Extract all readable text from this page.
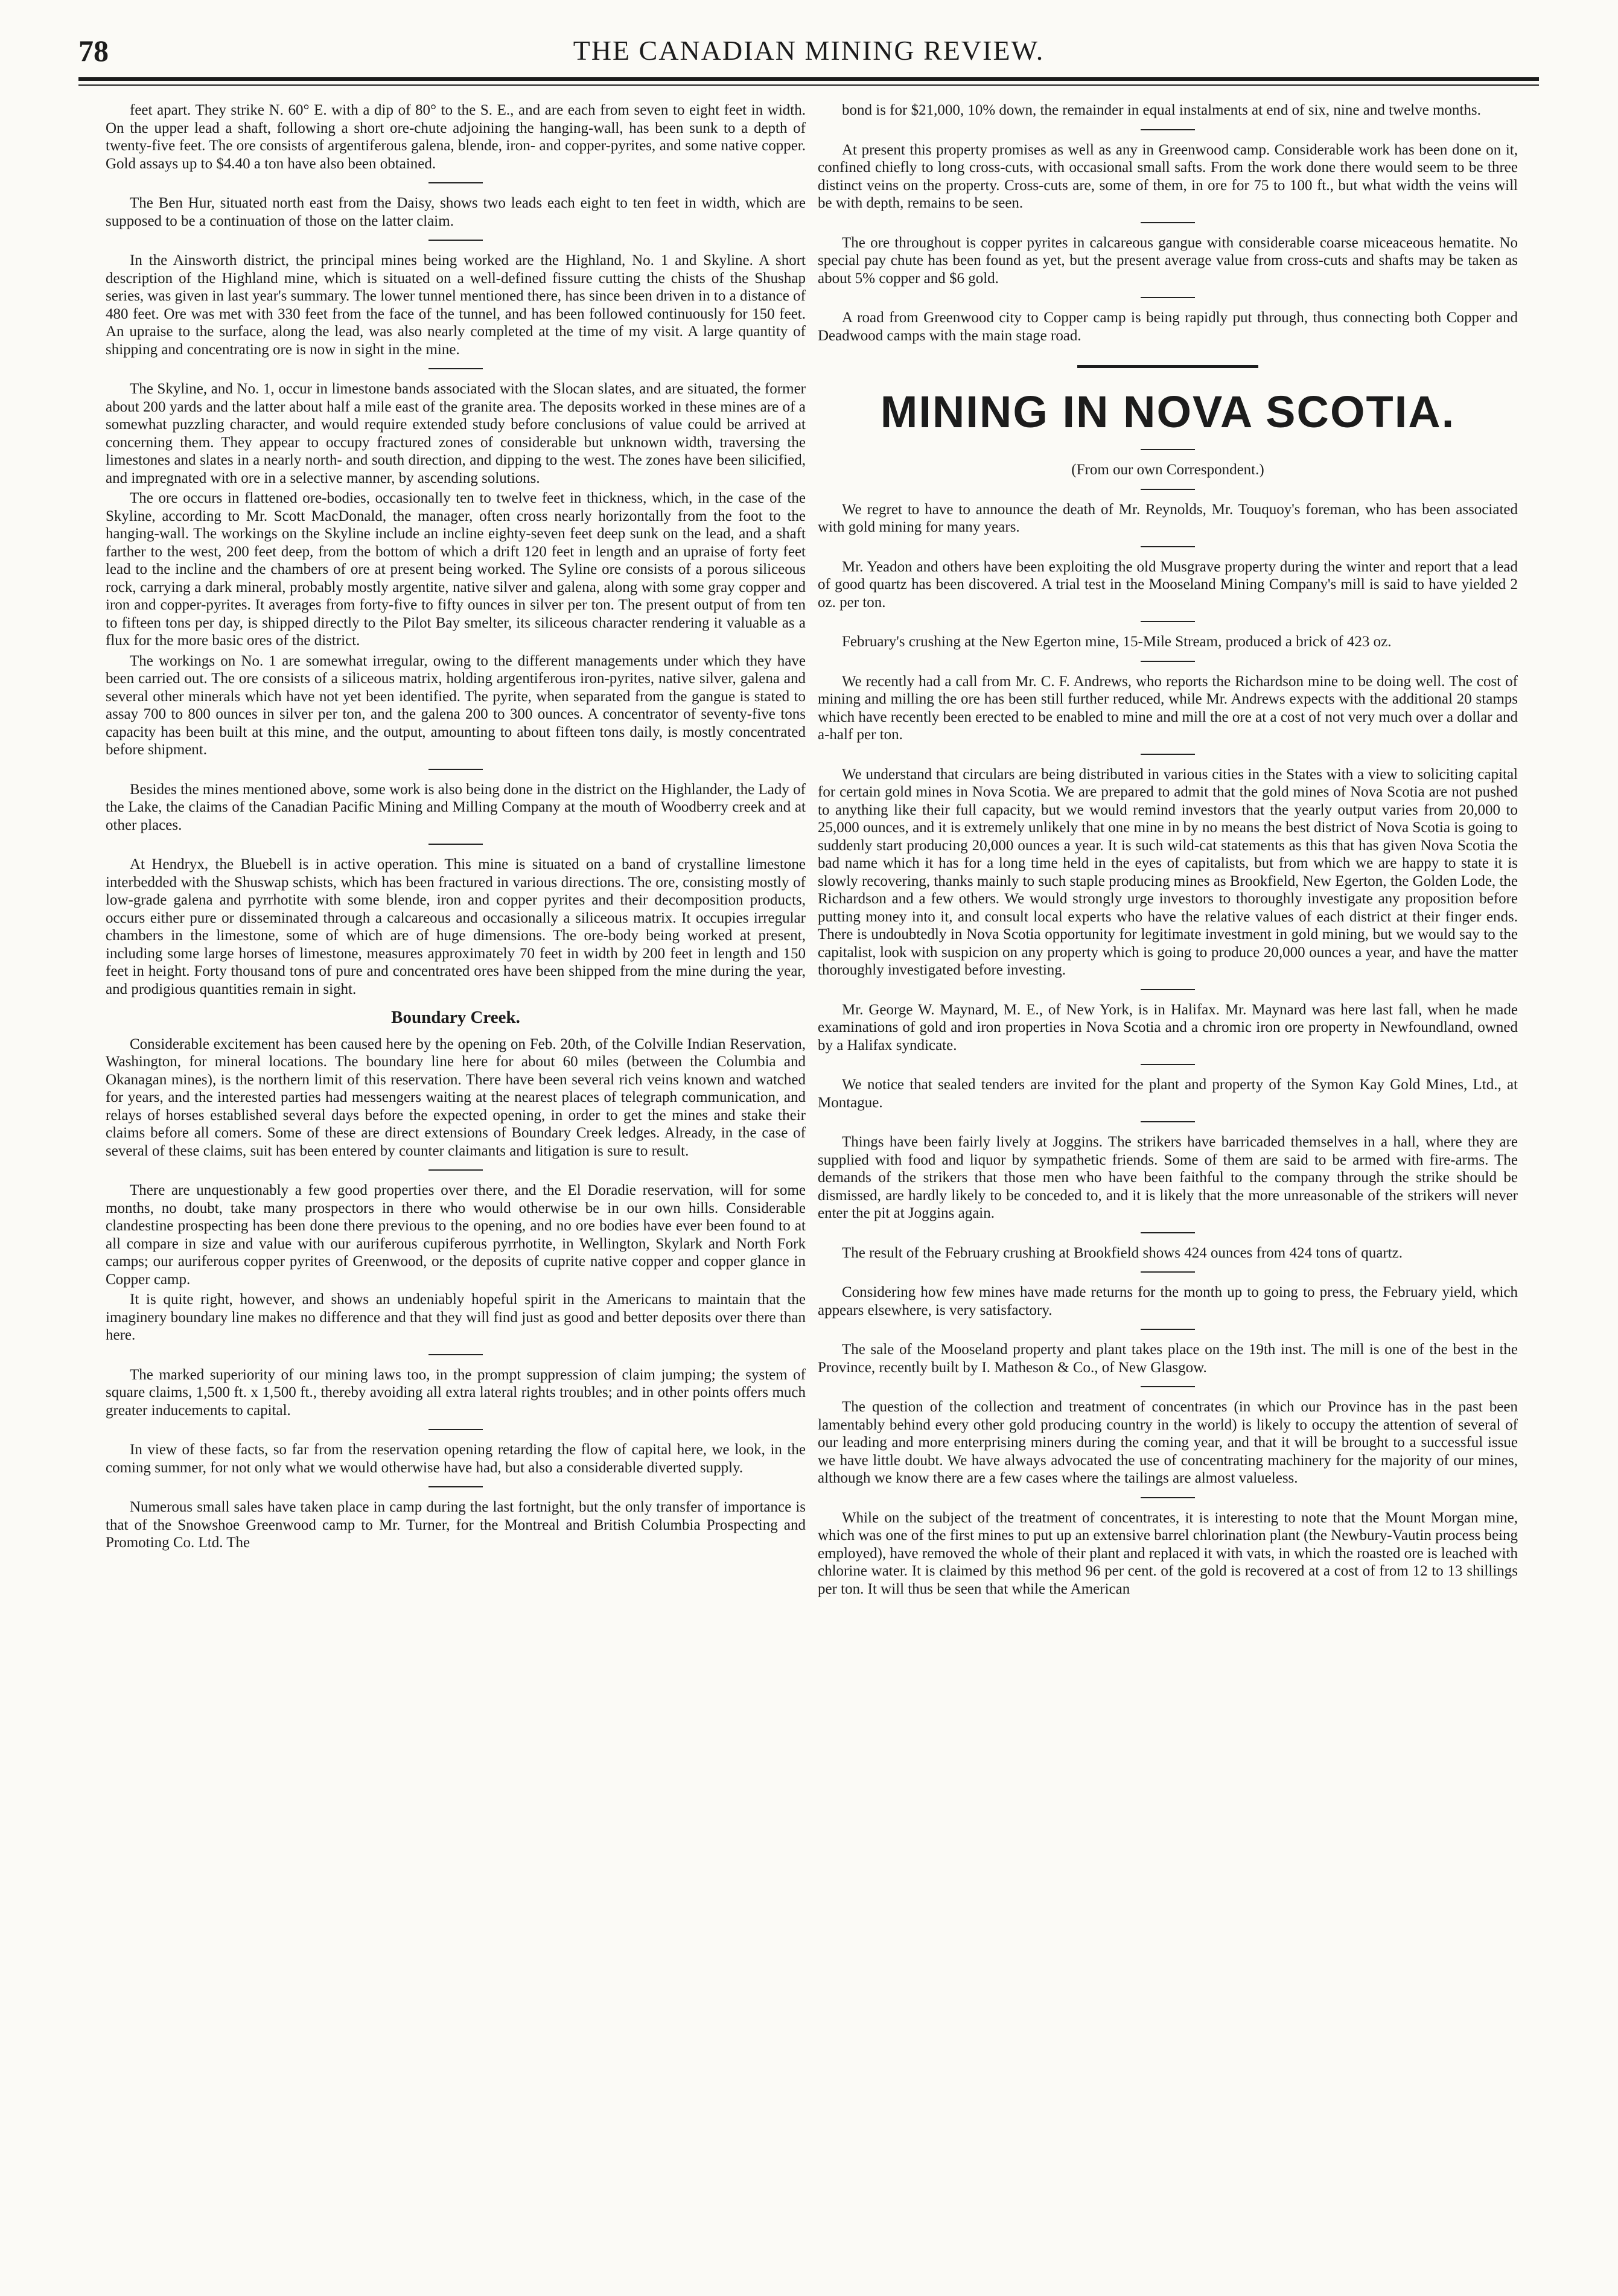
78	THE CANADIAN MINING REVIEW.

feet apart. They strike N. 60° E. with a dip of 80° to the S. E., and are each from seven to eight feet in width. On the upper lead a shaft, following a short ore-chute adjoining the hanging-wall, has been sunk to a depth of twenty-five feet. The ore consists of argentiferous galena, blende, iron- and copper-pyrites, and some native copper. Gold assays up to $4.40 a ton have also been obtained.

The Ben Hur, situated north east from the Daisy, shows two leads each eight to ten feet in width, which are supposed to be a continuation of those on the latter claim.

In the Ainsworth district, the principal mines being worked are the Highland, No. 1 and Skyline. A short description of the Highland mine, which is situated on a well-defined fissure cutting the chists of the Shushap series, was given in last year's summary. The lower tunnel mentioned there, has since been driven in to a distance of 480 feet. Ore was met with 330 feet from the face of the tunnel, and has been followed continuously for 150 feet. An upraise to the surface, along the lead, was also nearly completed at the time of my visit. A large quantity of shipping and concentrating ore is now in sight in the mine.

The Skyline, and No. 1, occur in limestone bands associated with the Slocan slates, and are situated, the former about 200 yards and the latter about half a mile east of the granite area. The deposits worked in these mines are of a somewhat puzzling character, and would require extended study before conclusions of value could be arrived at concerning them. They appear to occupy fractured zones of considerable but unknown width, traversing the limestones and slates in a nearly north- and south direction, and dipping to the west. The zones have been silicified, and impregnated with ore in a selective manner, by ascending solutions.

The ore occurs in flattened ore-bodies, occasionally ten to twelve feet in thickness, which, in the case of the Skyline, according to Mr. Scott MacDonald, the manager, often cross nearly horizontally from the foot to the hanging-wall. The workings on the Skyline include an incline eighty-seven feet deep sunk on the lead, and a shaft farther to the west, 200 feet deep, from the bottom of which a drift 120 feet in length and an upraise of forty feet lead to the incline and the chambers of ore at present being worked. The Syline ore consists of a porous siliceous rock, carrying a dark mineral, probably mostly argentite, native silver and galena, along with some gray copper and iron and copper-pyrites. It averages from forty-five to fifty ounces in silver per ton. The present output of from ten to fifteen tons per day, is shipped directly to the Pilot Bay smelter, its siliceous character rendering it valuable as a flux for the more basic ores of the district.

The workings on No. 1 are somewhat irregular, owing to the different managements under which they have been carried out. The ore consists of a siliceous matrix, holding argentiferous iron-pyrites, native silver, galena and several other minerals which have not yet been identified. The pyrite, when separated from the gangue is stated to assay 700 to 800 ounces in silver per ton, and the galena 200 to 300 ounces. A concentrator of seventy-five tons capacity has been built at this mine, and the output, amounting to about fifteen tons daily, is mostly concentrated before shipment.

Besides the mines mentioned above, some work is also being done in the district on the Highlander, the Lady of the Lake, the claims of the Canadian Pacific Mining and Milling Company at the mouth of Woodberry creek and at other places.

At Hendryx, the Bluebell is in active operation. This mine is situated on a band of crystalline limestone interbedded with the Shuswap schists, which has been fractured in various directions. The ore, consisting mostly of low-grade galena and pyrrhotite with some blende, iron and copper pyrites and their decomposition products, occurs either pure or disseminated through a calcareous and occasionally a siliceous matrix. It occupies irregular chambers in the limestone, some of which are of huge dimensions. The ore-body being worked at present, including some large horses of limestone, measures approximately 70 feet in width by 200 feet in length and 150 feet in height. Forty thousand tons of pure and concentrated ores have been shipped from the mine during the year, and prodigious quantities remain in sight.

Boundary Creek.

Considerable excitement has been caused here by the opening on Feb. 20th, of the Colville Indian Reservation, Washington, for mineral locations. The boundary line here for about 60 miles (between the Columbia and Okanagan mines), is the northern limit of this reservation. There have been several rich veins known and watched for years, and the interested parties had messengers waiting at the nearest places of telegraph communication, and relays of horses established several days before the expected opening, in order to get the mines and stake their claims before all comers. Some of these are direct extensions of Boundary Creek ledges. Already, in the case of several of these claims, suit has been entered by counter claimants and litigation is sure to result.

There are unquestionably a few good properties over there, and the El Doradie reservation, will for some months, no doubt, take many prospectors in there who would otherwise be in our own hills. Considerable clandestine prospecting has been done there previous to the opening, and no ore bodies have ever been found to at all compare in size and value with our auriferous cupiferous pyrrhotite, in Wellington, Skylark and North Fork camps; our auriferous copper pyrites of Greenwood, or the deposits of cuprite native copper and copper glance in Copper camp.

It is quite right, however, and shows an undeniably hopeful spirit in the Americans to maintain that the imaginery boundary line makes no difference and that they will find just as good and better deposits over there than here.

The marked superiority of our mining laws too, in the prompt suppression of claim jumping; the system of square claims, 1,500 ft. x 1,500 ft., thereby avoiding all extra lateral rights troubles; and in other points offers much greater inducements to capital.

In view of these facts, so far from the reservation opening retarding the flow of capital here, we look, in the coming summer, for not only what we would otherwise have had, but also a considerable diverted supply.

Numerous small sales have taken place in camp during the last fortnight, but the only transfer of importance is that of the Snowshoe Greenwood camp to Mr. Turner, for the Montreal and British Columbia Prospecting and Promoting Co. Ltd. The

bond is for $21,000, 10% down, the remainder in equal instalments at end of six, nine and twelve months.

At present this property promises as well as any in Greenwood camp. Considerable work has been done on it, confined chiefly to long cross-cuts, with occasional small safts. From the work done there would seem to be three distinct veins on the property. Cross-cuts are, some of them, in ore for 75 to 100 ft., but what width the veins will be with depth, remains to be seen.

The ore throughout is copper pyrites in calcareous gangue with considerable coarse miceaceous hematite. No special pay chute has been found as yet, but the present average value from cross-cuts and shafts may be taken as about 5% copper and $6 gold.

A road from Greenwood city to Copper camp is being rapidly put through, thus connecting both Copper and Deadwood camps with the main stage road.

MINING IN NOVA SCOTIA.
(From our own Correspondent.)

We regret to have to announce the death of Mr. Reynolds, Mr. Touquoy's foreman, who has been associated with gold mining for many years.

Mr. Yeadon and others have been exploiting the old Musgrave property during the winter and report that a lead of good quartz has been discovered. A trial test in the Mooseland Mining Company's mill is said to have yielded 2 oz. per ton.

February's crushing at the New Egerton mine, 15-Mile Stream, produced a brick of 423 oz.

We recently had a call from Mr. C. F. Andrews, who reports the Richardson mine to be doing well. The cost of mining and milling the ore has been still further reduced, while Mr. Andrews expects with the additional 20 stamps which have recently been erected to be enabled to mine and mill the ore at a cost of not very much over a dollar and a-half per ton.

We understand that circulars are being distributed in various cities in the States with a view to soliciting capital for certain gold mines in Nova Scotia. We are prepared to admit that the gold mines of Nova Scotia are not pushed to anything like their full capacity, but we would remind investors that the yearly output varies from 20,000 to 25,000 ounces, and it is extremely unlikely that one mine in by no means the best district of Nova Scotia is going to suddenly start producing 20,000 ounces a year. It is such wild-cat statements as this that has given Nova Scotia the bad name which it has for a long time held in the eyes of capitalists, but from which we are happy to state it is slowly recovering, thanks mainly to such staple producing mines as Brookfield, New Egerton, the Golden Lode, the Richardson and a few others. We would strongly urge investors to thoroughly investigate any proposition before putting money into it, and consult local experts who have the relative values of each district at their finger ends. There is undoubtedly in Nova Scotia opportunity for legitimate investment in gold mining, but we would say to the capitalist, look with suspicion on any property which is going to produce 20,000 ounces a year, and have the matter thoroughly investigated before investing.

Mr. George W. Maynard, M. E., of New York, is in Halifax. Mr. Maynard was here last fall, when he made examinations of gold and iron properties in Nova Scotia and a chromic iron ore property in Newfoundland, owned by a Halifax syndicate.

We notice that sealed tenders are invited for the plant and property of the Symon Kay Gold Mines, Ltd., at Montague.

Things have been fairly lively at Joggins. The strikers have barricaded themselves in a hall, where they are supplied with food and liquor by sympathetic friends. Some of them are said to be armed with fire-arms. The demands of the strikers that those men who have been faithful to the company through the strike should be dismissed, are hardly likely to be conceded to, and it is likely that the more unreasonable of the strikers will never enter the pit at Joggins again.

The result of the February crushing at Brookfield shows 424 ounces from 424 tons of quartz.

Considering how few mines have made returns for the month up to going to press, the February yield, which appears elsewhere, is very satisfactory.

The sale of the Mooseland property and plant takes place on the 19th inst. The mill is one of the best in the Province, recently built by I. Matheson & Co., of New Glasgow.

The question of the collection and treatment of concentrates (in which our Province has in the past been lamentably behind every other gold producing country in the world) is likely to occupy the attention of several of our leading and more enterprising miners during the coming year, and that it will be brought to a successful issue we have little doubt. We have always advocated the use of concentrating machinery for the majority of our mines, although we know there are a few cases where the tailings are almost valueless.

While on the subject of the treatment of concentrates, it is interesting to note that the Mount Morgan mine, which was one of the first mines to put up an extensive barrel chlorination plant (the Newbury-Vautin process being employed), have removed the whole of their plant and replaced it with vats, in which the roasted ore is leached with chlorine water. It is claimed by this method 96 per cent. of the gold is recovered at a cost of from 12 to 13 shillings per ton. It will thus be seen that while the American
